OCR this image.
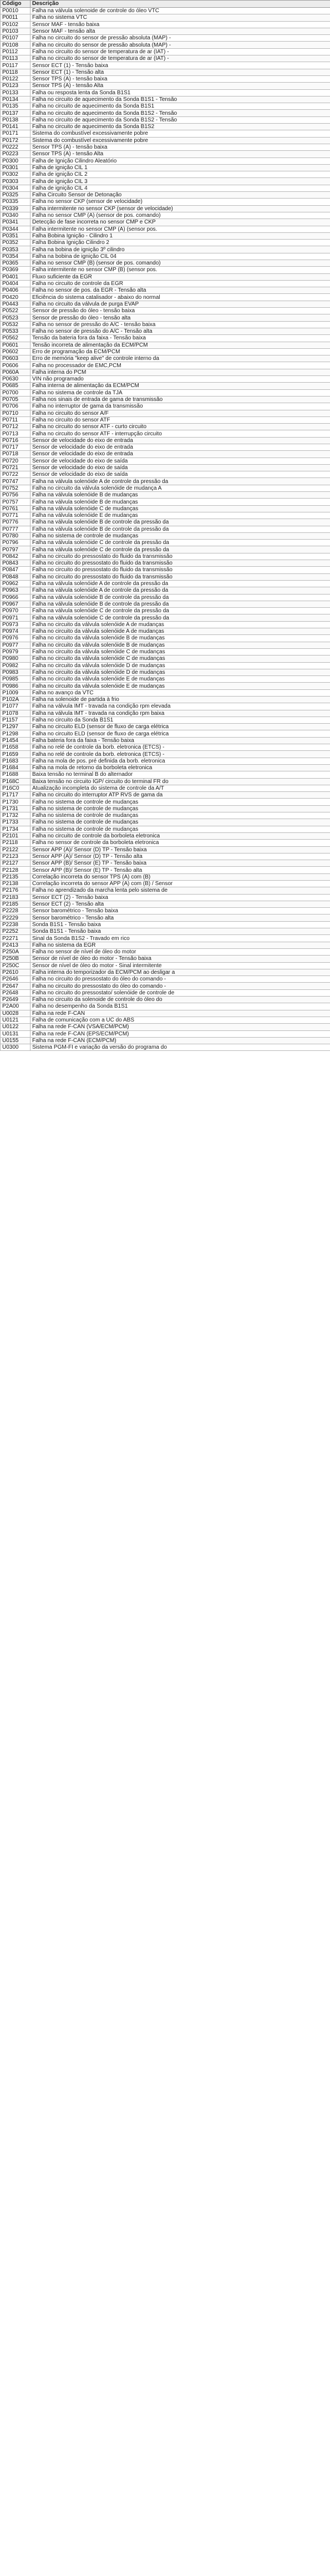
Código	Descrição
P0010	Falha na válvula solenoide de controle do óleo VTC
P0011	Falha no sistema VTC
P0102	Sensor MAF - tensão baixa
P0103	Sensor MAF - tensão alta
P0107	Falha no circuito do sensor de pressão absoluta (MAP) -
P0108	Falha no circuito do sensor de pressão absoluta (MAP) -
P0112	Falha no circuito do sensor de temperatura de ar (IAT) -
P0113	Falha no circuito do sensor de temperatura de ar (IAT) -
P0117	Sensor ECT (1) - Tensão baixa
P0118	Sensor ECT (1) - Tensão alta
P0122	Sensor TPS (A) - tensão baixa
P0123	Sensor TPS (A) - tensão Alta
P0133	Falha ou resposta lenta da Sonda B1S1
P0134	Falha no circuito de aquecimento da Sonda B1S1 - Tensão
P0135	Falha no circuito de aquecimento da Sonda B1S1
P0137	Falha no circuito de aquecimento da Sonda B1S2 - Tensão
P0138	Falha no circuito de aquecimento da Sonda B1S2 - Tensão
P0141	Falha no circuito de aquecimento da Sonda B1S2
P0171	Sistema do combustível excessivamente pobre
P0172	Sistema do combustível excessivamente pobre
P0222	Sensor TPS (A) - tensão baixa
P0223	Sensor TPS (A) - tensão Alta
P0300	Falha de Ignição Cilindro Aleatório
P0301	Falha de ignição CIL 1
P0302	Falha de ignição CIL 2
P0303	Falha de ignição CIL 3
P0304	Falha de ignição CIL 4
P0325	Falha Circuito Sensor de Detonação
P0335	Falha no sensor CKP (sensor de velocidade)
P0339	Falha intermitente no sensor CKP (sensor de velocidade)
P0340	Falha no sensor CMP (A) (sensor de pos. comando)
P0341	Detecção de fase incorreta no sensor CMP e CKP
P0344	Falha intermitente no sensor CMP (A) (sensor pos.
P0351	Falha Bobina Ignição - Cilindro 1
P0352	Falha Bobina Ignição Cilindro 2
P0353	Falha na bobina de ignição 3º cilindro
P0354	Falha na bobina de ignição CIL 04
P0365	Falha no sensor CMP (B) (sensor de pos. comando)
P0369	Falha intermitente no sensor CMP (B) (sensor pos.
P0401	Fluxo suficiente da EGR
P0404	Falha no circuito de controle da EGR
P0406	Falha no sensor de pos. da EGR - Tensão alta
P0420	Eficiência do sistema catalisador - abaixo do normal
P0443	Falha no circuito da válvula de purga EVAP
P0522	Sensor de pressão do óleo - tensão baixa
P0523	Sensor de pressão do óleo - tensão alta
P0532	Falha no sensor de pressão do A/C - tensão baixa
P0533	Falha no sensor de pressão do A/C - Tensão alta
P0562	Tensão da bateria fora da faixa - Tensão baixa
P0601	Tensão incorreta de alimentação da ECM/PCM
P0602	Erro de programação da ECM/PCM
P0603	Erro de memória "keep alive" de controle interno da
P0606	Falha no processador de EMC,PCM
P060A	Falha interna do PCM
P0630	VIN não programado
P0685	Falha interna de alimentação da ECM/PCM
P0700	Falha no sistema de controle da TJA
P0705	Falha nos sinais de entrada de gama de transmissão
P0706	Falha no interruptor de gama da transmissão
P0710	Falha no circuito do sensor A/F
P0711	Falha no circuito do sensor ATF
P0712	Falha no circuito do sensor ATF - curto circuito
P0713	Falha no circuito do sensor ATF - interrupção circuito
P0716	Sensor de velocidade do eixo de entrada
P0717	Sensor de velocidade do eixo de entrada
P0718	Sensor de velocidade do eixo de entrada
P0720	Sensor de velocidade do eixo de saída
P0721	Sensor de velocidade do eixo de saída
P0722	Sensor de velocidade do eixo de saída
P0747	Falha na válvula solenóide A de controle da pressão da
P0752	Falha no circuito da válvula solenóide de mudança A
P0756	Falha na válvula solenóide B de mudanças
P0757	Falha na válvula solenóide B de mudanças
P0761	Falha na válvula solenóide C de mudanças
P0771	Falha na válvula solenóide E de mudanças
P0776	Falha na válvula solenóide B de controle da pressão da
P0777	Falha na válvula solenóide B de controle da pressão da
P0780	Falha no sistema de controle de mudanças
P0796	Falha na válvula solenóide C de controle da pressão da
P0797	Falha na válvula solenóide C de controle da pressão da
P0842	Falha no circuito do pressostato do fluido da transmissão
P0843	Falha no circuito do pressostato do fluido da transmissão
P0847	Falha no circuito do pressostato do fluido da transmissão
P0848	Falha no circuito do pressostato do fluido da transmissão
P0962	Falha na válvula solenóide A de controle da pressão da
P0963	Falha na válvula solenóide A de controle da pressão da
P0966	Falha na válvula solenóide B de controle da pressão da
P0967	Falha na válvula solenóide B de controle da pressão da
P0970	Falha na válvula solenóide C de controle da pressão da
P0971	Falha na válvula solenóide C de controle da pressão da
P0973	Falha no circuito da válvula solenóide A de mudanças
P0974	Falha no circuito da válvula solenóide A de mudanças
P0976	Falha no circuito da válvula solenóide B de mudanças
P0977	Falha no circuito da válvula solenóide B de mudanças
P0979	Falha no circuito da válvula solenóide C de mudanças
P0980	Falha no circuito da válvula solenóide C de mudanças
P0982	Falha no circuito da válvula solenóide D de mudanças
P0983	Falha no circuito da válvula solenóide D de mudanças
P0985	Falha no circuito da válvula solenóide E de mudanças
P0986	Falha no circuito da válvula solenóide E de mudanças
P1009	Falha no avanço da VTC
P102A	Falha na solenoide de partida à frio
P1077	Falha na válvula IMT - travada na condição rpm elevada
P1078	Falha na válvula IMT - travada na condição rpm baixa
P1157	Falha no circuito da Sonda B1S1
P1297	Falha no circuito ELD (sensor de fluxo de carga elétrica
P1298	Falha no circuito ELD (sensor de fluxo de carga elétrica
P1454	Falha bateria fora da faixa - Tensão baixa
P1658	Falha no relé de controle da borb. eletronica (ETCS) -
P1659	Falha no relé de controle da borb. eletronica (ETCS) -
P1683	Falha na mola de pos. pré definida da borb. eletronica
P1684	Falha na mola de retorno da borboleta eletronica
P1688	Baixa tensão no terminal B do alternador
P168C	Baixa tensão no circuito IGP/ circuito do terminal FR do
P16C0	Atualização incompleta do sistema de controle da A/T
P1717	Falha no circuito do interruptor ATP RVS de gama da
P1730	Falha no sistema de controle de mudanças
P1731	Falha no sistema de controle de mudanças
P1732	Falha no sistema de controle de mudanças
P1733	Falha no sistema de controle de mudanças
P1734	Falha no sistema de controle de mudanças
P2101	Falha no circuito de controle da borboleta eletronica
P2118	Falha no sensor de controle da borboleta eletronica
P2122	Sensor APP (A)/ Sensor (D) TP - Tensão baixa
P2123	Sensor APP (A)/ Sensor (D) TP - Tensão alta
P2127	Sensor APP (B)/ Sensor (E) TP - Tensão baixa
P2128	Sensor APP (B)/ Sensor (E) TP - Tensão alta
P2135	Correlação incorreta do sensor TPS (A) com (B)
P2138	Correlação incorreta do sensor APP (A) com (B) / Sensor
P2176	Falha no aprendizado da marcha lenta pelo sistema de
P2183	Sensor ECT (2) - Tensão baixa
P2185	Sensor ECT (2) - Tensão alta
P2228	Sensor barométrico - Tensão baixa
P2229	Sensor barométrico - Tensão alta
P2238	Sonda B1S1 - Tensão baixa
P2252	Sonda B1S1 - Tensão baixa
P2271	Sinal da Sonda B1S2 - Travado em rico
P2413	Falha no sistema da EGR
P250A	Falha no sensor de nível de óleo do motor
P250B	Sensor de nível de óleo do motor - Tensão baixa
P250C	Sensor de nível de óleo do motor - Sinal intermitente
P2610	Falha interna do temporizador da ECM/PCM ao desligar a
P2646	Falha no circuito do pressostato do óleo do comando -
P2647	Falha no circuito do pressostato do óleo do comando -
P2648	Falha no circuito do pressostato/ solenóide de controle de
P2649	Falha no circuito da solenoide de controle do óleo do
P2A00	Falha no desempenho da Sonda B1S1
U0028	Falha na rede F-CAN
U0121	Falha de comunicação com a UC do ABS
U0122	Falha na rede F-CAN (VSA/ECM/PCM)
U0131	Falha na rede F-CAN (EPS/ECM/PCM)
U0155	Falha na rede F-CAN (ECM/PCM)
U0300	Sistema PGM-FI e variação da versão do programa do
